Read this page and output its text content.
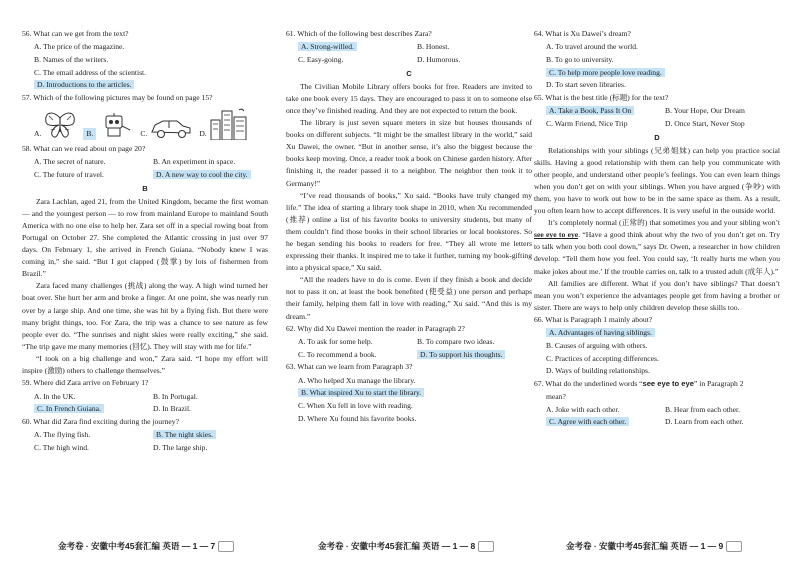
56. What can we get from the text?
A. The price of the magazine.
B. Names of the writers.
C. The email address of the scientist.
D. Introductions to the articles.
57. Which of the following pictures may be found on page 15?
A.	B.	C.	D.
58. What can we read about on page 20?
A. The secret of nature.	B. An experiment in space.
C. The future of travel.	D. A new way to cool the city.
B

Zara Lachlan, aged 21, from the United Kingdom, became the first woman — and the youngest person — to row from mainland Europe to mainland South America with no one else to help her. Zara set off in a special rowing boat from Portugal on October 27. She completed the Atlantic crossing in just over 97 days. On February 1, she arrived in French Guiana. “Nobody knew I was coming in,” she said. “But I got clapped (鼓掌) by lots of fishermen from Brazil.”

Zara faced many challenges (挑战) along the way. A high wind turned her boat over. She hurt her arm and broke a finger. At one point, she was nearly run over by a large ship. And one time, she was hit by a flying fish. But there were many bright things, too. For Zara, the trip was a chance to see nature as few people ever do. “The sunrises and night skies were really exciting,” she said. “The trip gave me many memories (回忆). They will stay with me for life.”

“I took on a big challenge and won,” Zara said. “I hope my effort will inspire (激励) others to challenge themselves.”

59. Where did Zara arrive on February 1?
A. In the UK.	B. In Portugal.
C. In French Guiana.	D. In Brazil.
60. What did Zara find exciting during the journey?
A. The flying fish.	B. The night skies.
C. The high wind.	D. The large ship.
61. Which of the following best describes Zara?
A. Strong-willed.	B. Honest.
C. Easy-going.	D. Humorous.
C

The Civilian Mobile Library offers books for free. Readers are invited to take one book every 15 days. They are encouraged to pass it on to someone else once they’ve finished reading. And they are not expected to return the book.

The library is just seven square meters in size but houses thousands of books on different subjects. “It might be the smallest library in the world,” said Xu Dawei, the owner. “But in another sense, it’s also the biggest because the books keep moving. Once, a reader took a book on Chinese garden history. After finishing it, the reader passed it to a neighbor. The neighbor then took it to Germany!”

“I’ve read thousands of books,” Xu said. “Books have truly changed my life.” The idea of starting a library took shape in 2010, when Xu recommended (推荐) online a list of his favorite books to university students, but many of them couldn’t find those books in their school libraries or local bookstores. So he began sending his books to readers for free. “They all wrote me letters expressing their thanks. It inspired me to take it further, turning my book-gifting into a physical space,” Xu said.

“All the readers have to do is come. Even if they finish a book and decide not to pass it on, at least the book benefited (使受益) one person and perhaps their family, helping them fall in love with reading,” Xu said. “And this is my dream.”

62. Why did Xu Dawei mention the reader in Paragraph 2?
A. To ask for some help.	B. To compare two ideas.
C. To recommend a book.	D. To support his thoughts.
63. What can we learn from Paragraph 3?
A. Who helped Xu manage the library.
B. What inspired Xu to start the library.
C. When Xu fell in love with reading.
D. Where Xu found his favorite books.
64. What is Xu Dawei’s dream?
A. To travel around the world.
B. To go to university.
C. To help more people love reading.
D. To start seven libraries.
65. What is the best title (标题) for the text?
A. Take a Book, Pass It On	B. Your Hope, Our Dream
C. Warm Friend, Nice Trip	D. Once Start, Never Stop
D

Relationships with your siblings (兄弟姐妹) can help you practice social skills. Having a good relationship with them can help you communicate with other people, and understand other people’s feelings. You can even learn things when you don’t get on with your siblings. When you have argued (争吵) with them, you have to work out how to be in the same space as them. As a result, you often learn how to accept differences. It is very useful in the outside world.

It’s completely normal (正常的) that sometimes you and your sibling won’t see eye to eye. “Have a good think about why the two of you don’t get on. Try to talk when you both cool down,” says Dr. Owen, a researcher in how children develop. “Tell them how you feel. You could say, ‘It really hurts me when you make jokes about me.’ If the trouble carries on, talk to a trusted adult (成年人).”

All families are different. What if you don’t have siblings? That doesn’t mean you won’t experience the advantages people get from having a brother or sister. There are ways to help only children develop these skills too.

66. What is Paragraph 1 mainly about?
A. Advantages of having siblings.
B. Causes of arguing with others.
C. Practices of accepting differences.
D. Ways of building relationships.
67. What do the underlined words “see eye to eye” in Paragraph 2
mean?
A. Joke with each other.	B. Hear from each other.
C. Agree with each other.	D. Learn from each other.
金考卷 · 安徽中考45套汇编 英语 — 1 — 7	金考卷 · 安徽中考45套汇编 英语 — 1 — 8	金考卷 · 安徽中考45套汇编 英语 — 1 — 9
